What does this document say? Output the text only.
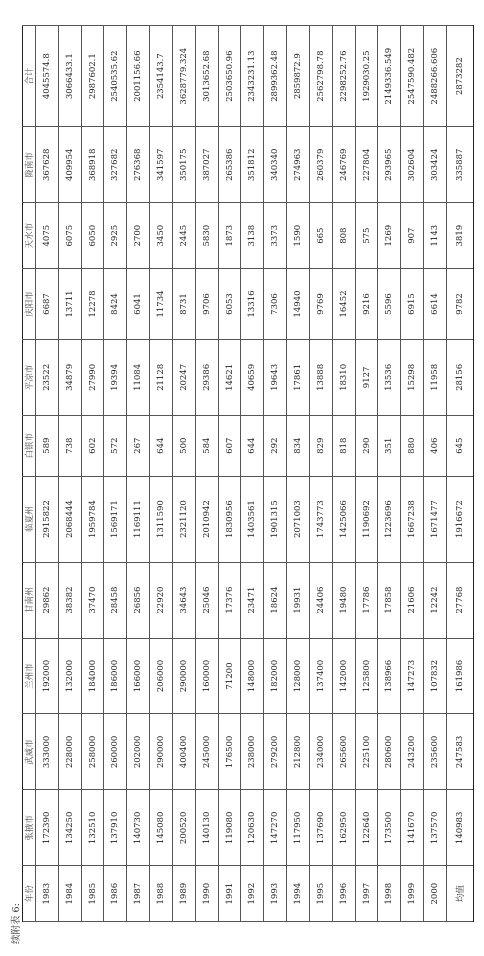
续附表 6:
年份	张掖市	武威市	兰州市	甘南州	临夏州	白银市	平凉市	庆阳市	天水市	陇南市	合计
1983	172390	333000	192000	29862	2915822	589	23522	6687	4075	367628	4045574.8
1984	134250	228000	132000	38382	2068444	738	34879	13711	6075	409954	3066433.1
1985	132510	258000	184000	37470	1959784	602	27990	12278	6050	368918	2987602.1
1986	137910	260000	186000	28458	1569171	572	19394	8424	2925	327682	2540535.62
1987	140730	202000	166000	26856	1169111	267	11084	6041	2700	276368	2001156.66
1988	145080	290000	206000	22920	1311590	644	21128	11734	3450	341597	2354143.7
1989	200520	400400	290000	34643	2321120	500	20247	8731	2445	350175	3628779.324
1990	140130	245000	160000	25046	2010942	584	29386	9706	5830	387027	3013652.68
1991	119080	176500	71200	17376	1830956	607	14621	6053	1873	265386	2503650.96
1992	120630	238000	148000	23471	1403561	644	40659	13316	3138	351812	2343231.13
1993	147270	279200	182000	18624	1901315	292	19643	7306	3373	340340	2899362.48
1994	117950	212800	128000	19931	2071003	834	17861	14940	1590	274963	2859872.9
1995	137690	234000	137400	24406	1743773	829	13888	9769	665	260379	2562798.78
1996	162950	265600	142000	19480	1425066	818	18310	16452	808	246769	2298252.76
1997	122640	225100	125800	17786	1190692	290	9127	9216	575	227804	1929030.25
1998	173500	280600	138966	17858	1223696	351	13536	5596	1269	293965	2149336.549
1999	141670	243200	147273	21606	1667238	880	15298	6915	907	302604	2547590.482
2000	137570	235600	107832	12242	1671477	406	11958	6614	1143	303424	2488266.606
均值	140983	247583	161986	27768	1916672	645	28156	9782	3819	335887	2873282
